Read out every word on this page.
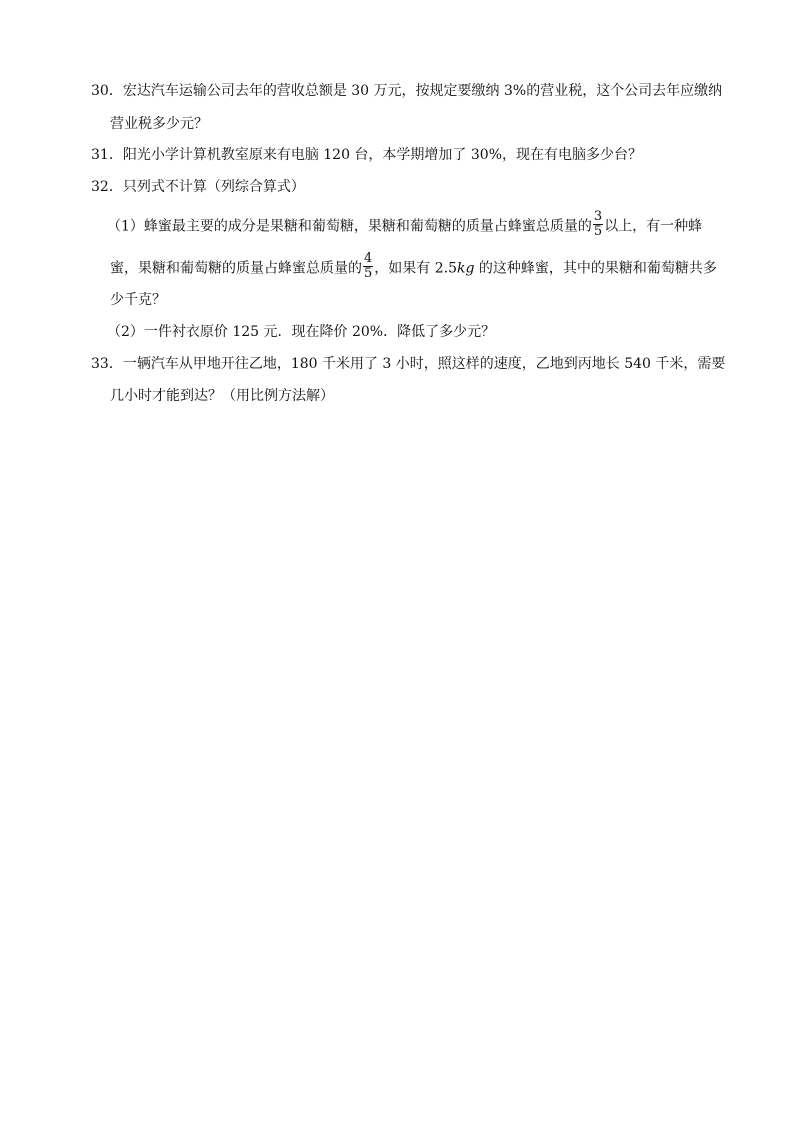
30．宏达汽车运输公司去年的营收总额是 30 万元，按规定要缴纳 3%的营业税，这个公司去年应缴纳
营业税多少元？
31．阳光小学计算机教室原来有电脑 120 台，本学期增加了 30%，现在有电脑多少台？
32．只列式不计算（列综合算式）
（1）蜂蜜最主要的成分是果糖和葡萄糖，果糖和葡萄糖的质量占蜂蜜总质量的 $\frac{3}{5}$ 以上，有一种蜂
蜜，果糖和葡萄糖的质量占蜂蜜总质量的 $\frac{4}{5}$ ，如果有 2.5kg 的这种蜂蜜，其中的果糖和葡萄糖共多
少千克？
（2）一件衬衣原价 125 元．现在降价 20%．降低了多少元？
33．一辆汽车从甲地开往乙地，180 千米用了 3 小时，照这样的速度，乙地到丙地长 540 千米，需要
几小时才能到达？（用比例方法解）
